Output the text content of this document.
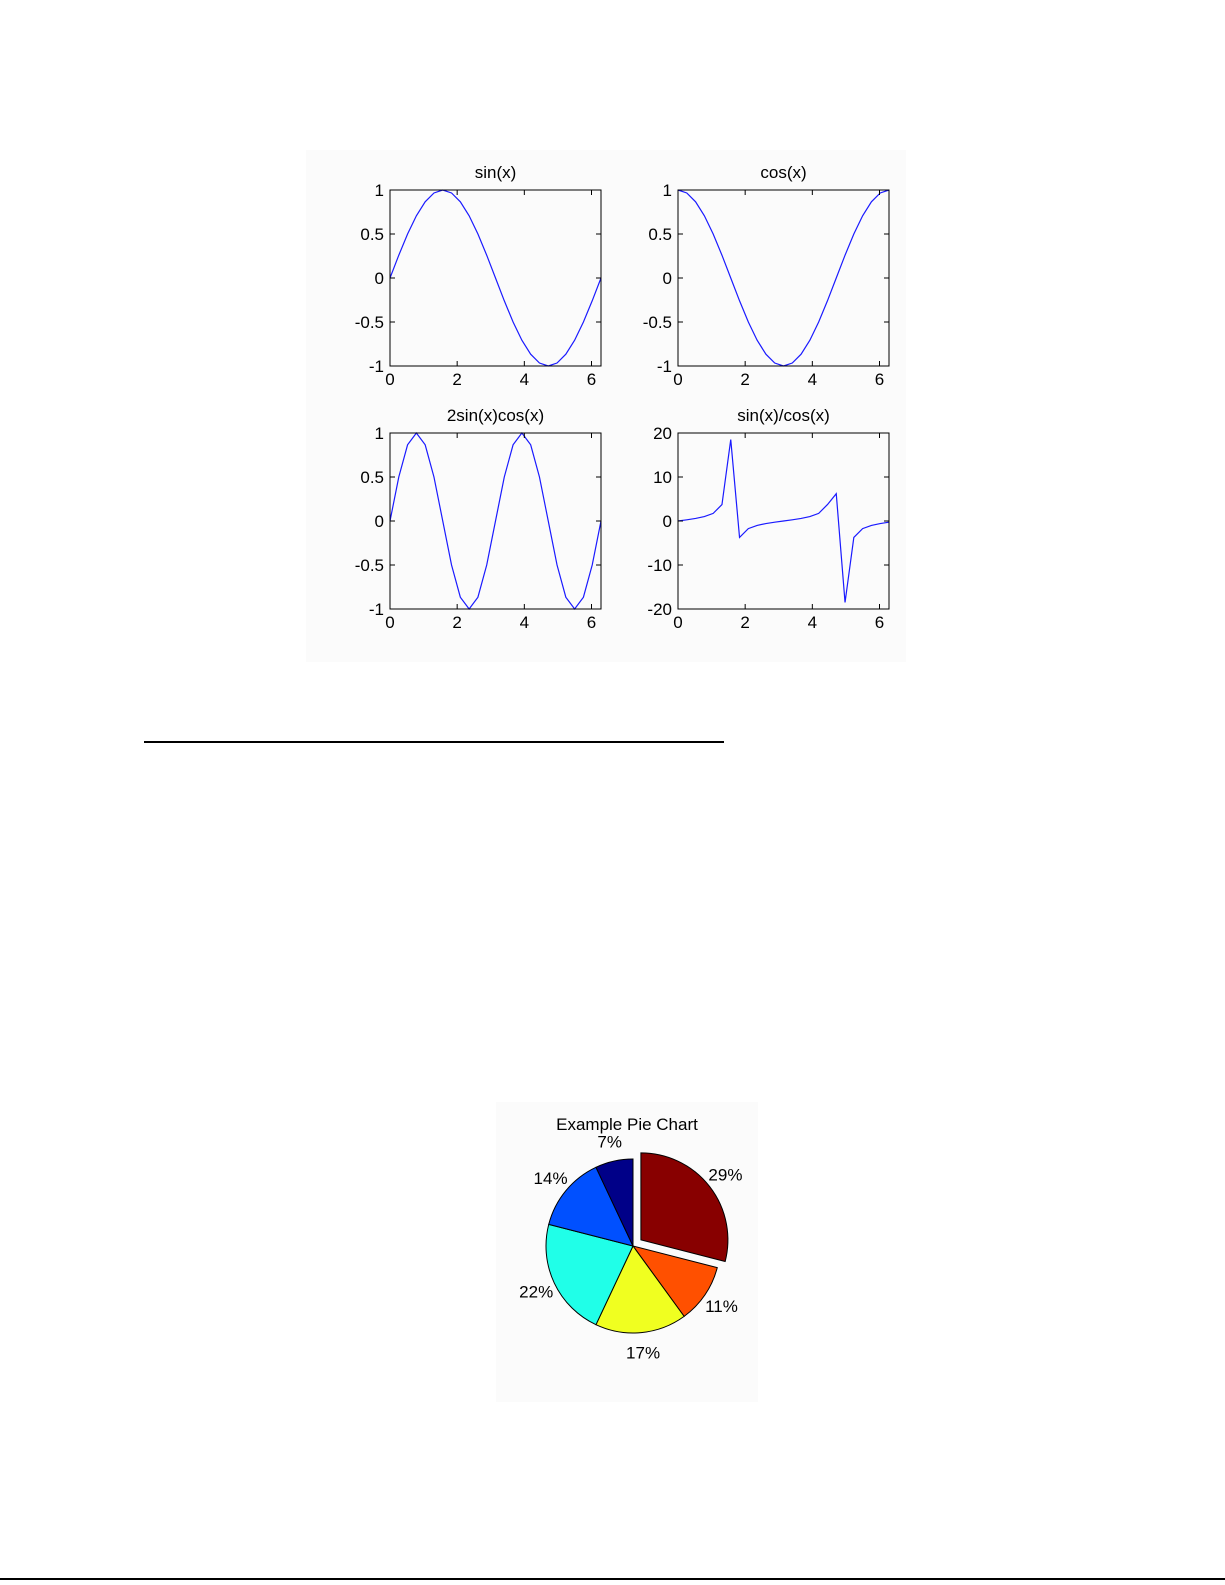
0	2	4	6
-1
-0.5
0
0.5
1
sin(x)
0	2	4	6
-1
-0.5
0
0.5
1
cos(x)
0	2	4	6
-1
-0.5
0
0.5
1
2sin(x)cos(x)
0	2	4	6
-20
-10
0
10
20
sin(x)/cos(x)
Example Pie Chart
29%
11%
17%
22%
14%
7%
